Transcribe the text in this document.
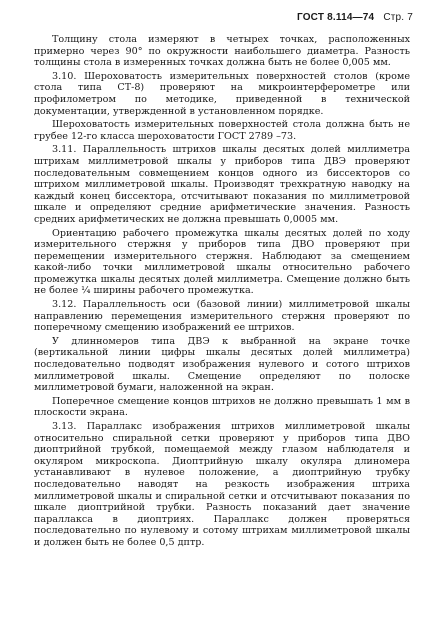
ГОСТ 8.114—74 Стр. 7

Толщину стола измеряют в четырех точках, расположенных примерно через 90° по окружности наибольшего диаметра. Разность толщины стола в измеренных точках должна быть не более 0,005 мм.

3.10. Шероховатость измерительных поверхностей столов (кроме стола типа СТ-8) проверяют на микроинтерферометре или профилометром по методике, приведенной в технической документации, утвержденной в установленном порядке.

Шероховатость измерительных поверхностей стола должна быть не грубее 12-го класса шероховатости ГОСТ 2789 –73.

3.11. Параллельность штрихов шкалы десятых долей миллиметра штрихам миллиметровой шкалы у приборов типа ДВЭ проверяют последовательным совмещением концов одного из биссекторов со штрихом миллиметровой шкалы. Производят трехкратную наводку на каждый конец биссектора, отсчитывают показания по миллиметровой шкале и определяют средние арифметические значения. Разность средних арифметических не должна превышать 0,0005 мм.

Ориентацию рабочего промежутка шкалы десятых долей по ходу измерительного стержня у приборов типа ДВО проверяют при перемещении измерительного стержня. Наблюдают за смещением какой-либо точки миллиметровой шкалы относительно рабочего промежутка шкалы десятых долей миллиметра. Смещение должно быть не более ¼ ширины рабочего промежутка.

3.12. Параллельность оси (базовой линии) миллиметровой шкалы направлению перемещения измерительного стержня проверяют по поперечному смещению изображений ее штрихов.

У длинномеров типа ДВЭ к выбранной на экране точке (вертикальной линии цифры шкалы десятых долей миллиметра) последовательно подводят изображения нулевого и сотого штрихов миллиметровой шкалы. Смещение определяют по полоске миллиметровой бумаги, наложенной на экран.

Поперечное смещение концов штрихов не должно превышать 1 мм в плоскости экрана.

3.13. Параллакс изображения штрихов миллиметровой шкалы относительно спиральной сетки проверяют у приборов типа ДВО диоптрийной трубкой, помещаемой между глазом наблюдателя и окуляром микроскопа. Диоптрийную шкалу окуляра длиномера устанавливают в нулевое положение, а диоптрийную трубку последовательно наводят на резкость изображения штриха миллиметровой шкалы и спиральной сетки и отсчитывают показания по шкале диоптрийной трубки. Разность показаний дает значение параллакса в диоптриях. Параллакс должен проверяться последовательно по нулевому и сотому штрихам миллиметровой шкалы и должен быть не более 0,5 дптр.
